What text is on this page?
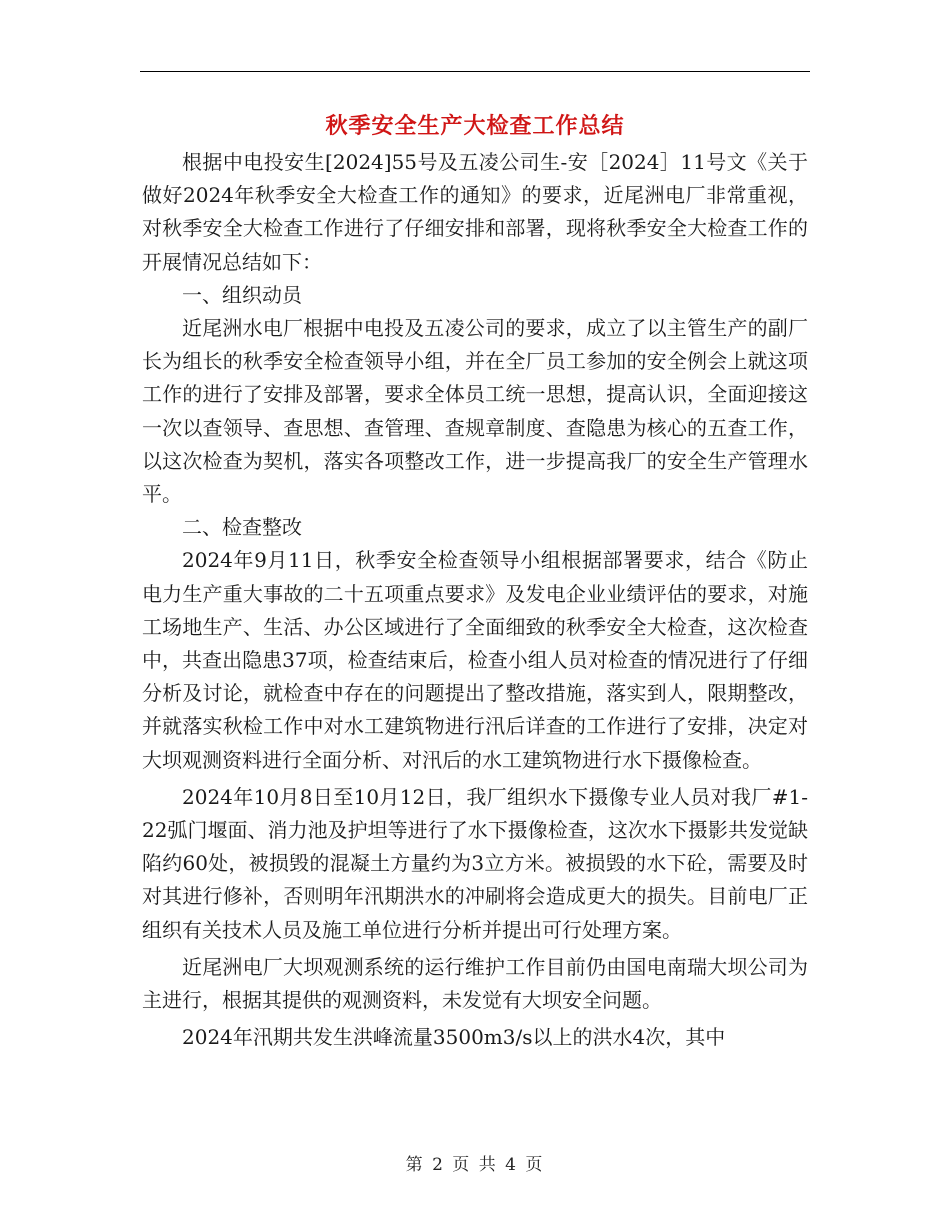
秋季安全生产大检查工作总结

根据中电投安生[2024]55号及五凌公司生-安［2024］11号文《关于做好2024年秋季安全大检查工作的通知》的要求，近尾洲电厂非常重视，对秋季安全大检查工作进行了仔细安排和部署，现将秋季安全大检查工作的开展情况总结如下：

一、组织动员

近尾洲水电厂根据中电投及五凌公司的要求，成立了以主管生产的副厂长为组长的秋季安全检查领导小组，并在全厂员工参加的安全例会上就这项工作的进行了安排及部署，要求全体员工统一思想，提高认识，全面迎接这一次以查领导、查思想、查管理、查规章制度、查隐患为核心的五查工作，以这次检查为契机，落实各项整改工作，进一步提高我厂的安全生产管理水平。

二、检查整改

2024年9月11日，秋季安全检查领导小组根据部署要求，结合《防止电力生产重大事故的二十五项重点要求》及发电企业业绩评估的要求，对施工场地生产、生活、办公区域进行了全面细致的秋季安全大检查，这次检查中，共查出隐患37项，检查结束后，检查小组人员对检查的情况进行了仔细分析及讨论，就检查中存在的问题提出了整改措施，落实到人，限期整改，并就落实秋检工作中对水工建筑物进行汛后详查的工作进行了安排，决定对大坝观测资料进行全面分析、对汛后的水工建筑物进行水下摄像检查。

2024年10月8日至10月12日，我厂组织水下摄像专业人员对我厂#1-22弧门堰面、消力池及护坦等进行了水下摄像检查，这次水下摄影共发觉缺陷约60处，被损毁的混凝土方量约为3立方米。被损毁的水下砼，需要及时对其进行修补，否则明年汛期洪水的冲刷将会造成更大的损失。目前电厂正组织有关技术人员及施工单位进行分析并提出可行处理方案。

近尾洲电厂大坝观测系统的运行维护工作目前仍由国电南瑞大坝公司为主进行，根据其提供的观测资料，未发觉有大坝安全问题。

2024年汛期共发生洪峰流量3500m3/s以上的洪水4次，其中

第 2 页 共 4 页
